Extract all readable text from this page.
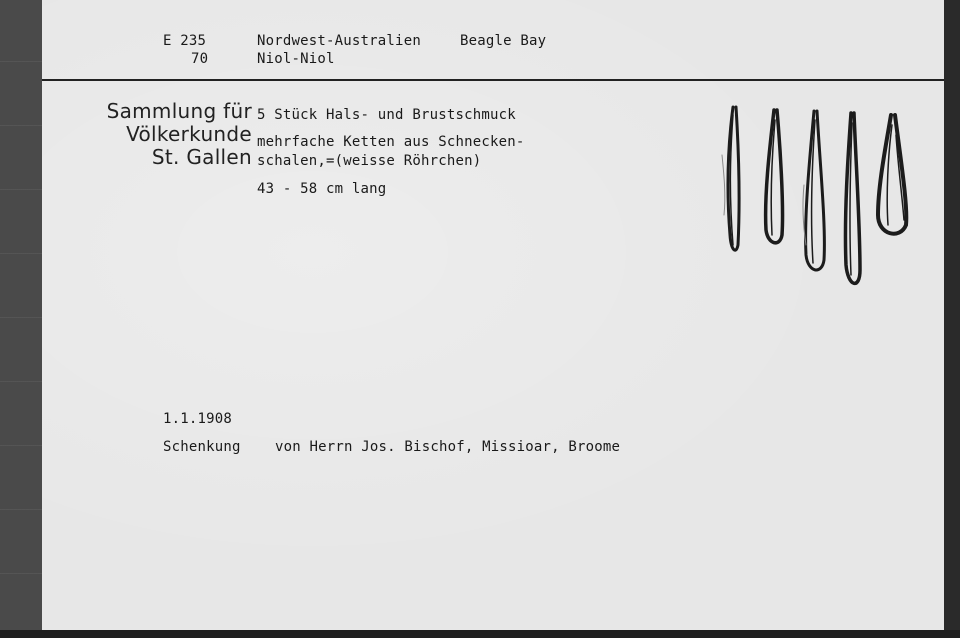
E 235
70
Nordwest-Australien	Beagle Bay
Niol-Niol
Sammlung für
Völkerkunde
St. Gallen
5 Stück Hals- und Brustschmuck
mehrfache Ketten aus Schnecken-
schalen,=(weisse Röhrchen)
43 - 58 cm lang
1.1.1908
Schenkung von Herrn Jos. Bischof, Missioar, Broome
